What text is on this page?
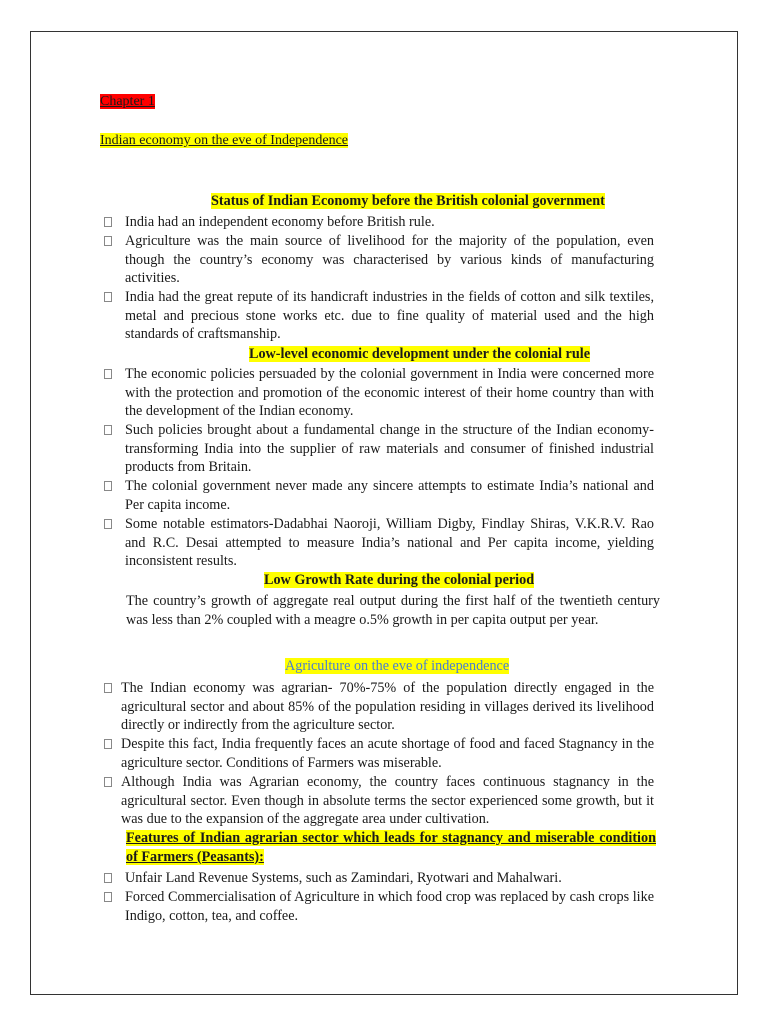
Chapter 1
Indian economy on the eve of Independence
Status of Indian Economy before the British colonial government
India had an independent economy before British rule.
Agriculture was the main source of livelihood for the majority of the population, even though the country’s economy was characterised by various kinds of manufacturing activities.
India had the great repute of its handicraft industries in the fields of cotton and silk textiles, metal and precious stone works etc. due to fine quality of material used and the high standards of craftsmanship.
Low-level economic development under the colonial rule
The economic policies persuaded by the colonial government in India were concerned more with the protection and promotion of the economic interest of their home country than with the development of the Indian economy.
Such policies brought about a fundamental change in the structure of the Indian economy-transforming India into the supplier of raw materials and consumer of finished industrial products from Britain.
The colonial government never made any sincere attempts to estimate India’s national and Per capita income.
Some notable estimators-Dadabhai Naoroji, William Digby, Findlay Shiras, V.K.R.V. Rao and R.C. Desai attempted to measure India’s national and Per capita income, yielding inconsistent results.
Low Growth Rate during the colonial period
The country’s growth of aggregate real output during the first half of the twentieth century was less than 2% coupled with a meagre o.5% growth in per capita output per year.
Agriculture on the eve of independence
The Indian economy was agrarian- 70%-75% of the population directly engaged in the agricultural sector and about 85% of the population residing in villages derived its livelihood directly or indirectly from the agriculture sector.
Despite this fact, India frequently faces an acute shortage of food and faced Stagnancy in the agriculture sector. Conditions of Farmers was miserable.
Although India was Agrarian economy, the country faces continuous stagnancy in the agricultural sector. Even though in absolute terms the sector experienced some growth, but it was due to the expansion of the aggregate area under cultivation.
Features of Indian agrarian sector which leads for stagnancy and miserable condition of Farmers (Peasants):
Unfair Land Revenue Systems, such as Zamindari, Ryotwari and Mahalwari.
Forced Commercialisation of Agriculture in which food crop was replaced by cash crops like Indigo, cotton, tea, and coffee.
